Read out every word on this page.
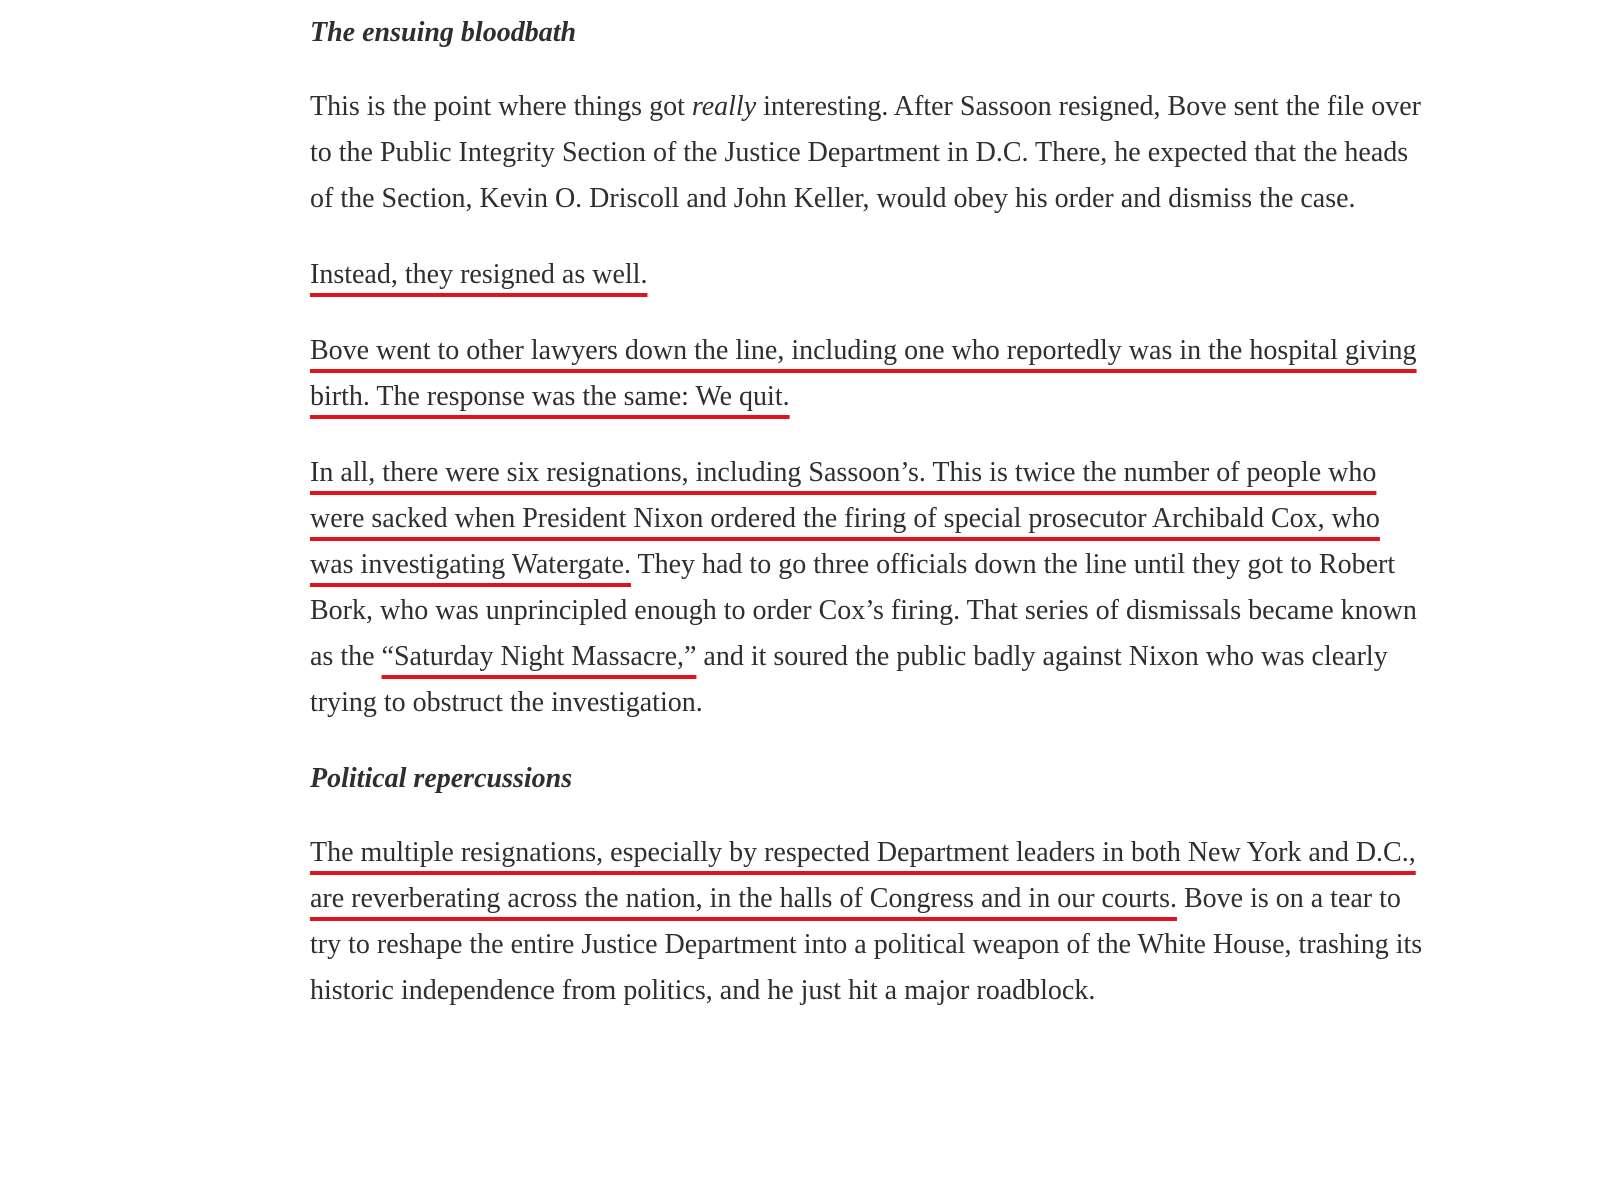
The ensuing bloodbath

This is the point where things got really interesting. After Sassoon resigned, Bove sent the file over to the Public Integrity Section of the Justice Department in D.C. There, he expected that the heads of the Section, Kevin O. Driscoll and John Keller, would obey his order and dismiss the case.

Instead, they resigned as well.

Bove went to other lawyers down the line, including one who reportedly was in the hospital giving birth. The response was the same: We quit.

In all, there were six resignations, including Sassoon’s. This is twice the number of people who were sacked when President Nixon ordered the firing of special prosecutor Archibald Cox, who was investigating Watergate. They had to go three officials down the line until they got to Robert Bork, who was unprincipled enough to order Cox’s firing. That series of dismissals became known as the “Saturday Night Massacre,” and it soured the public badly against Nixon who was clearly trying to obstruct the investigation.

Political repercussions

The multiple resignations, especially by respected Department leaders in both New York and D.C., are reverberating across the nation, in the halls of Congress and in our courts. Bove is on a tear to try to reshape the entire Justice Department into a political weapon of the White House, trashing its historic independence from politics, and he just hit a major roadblock.
